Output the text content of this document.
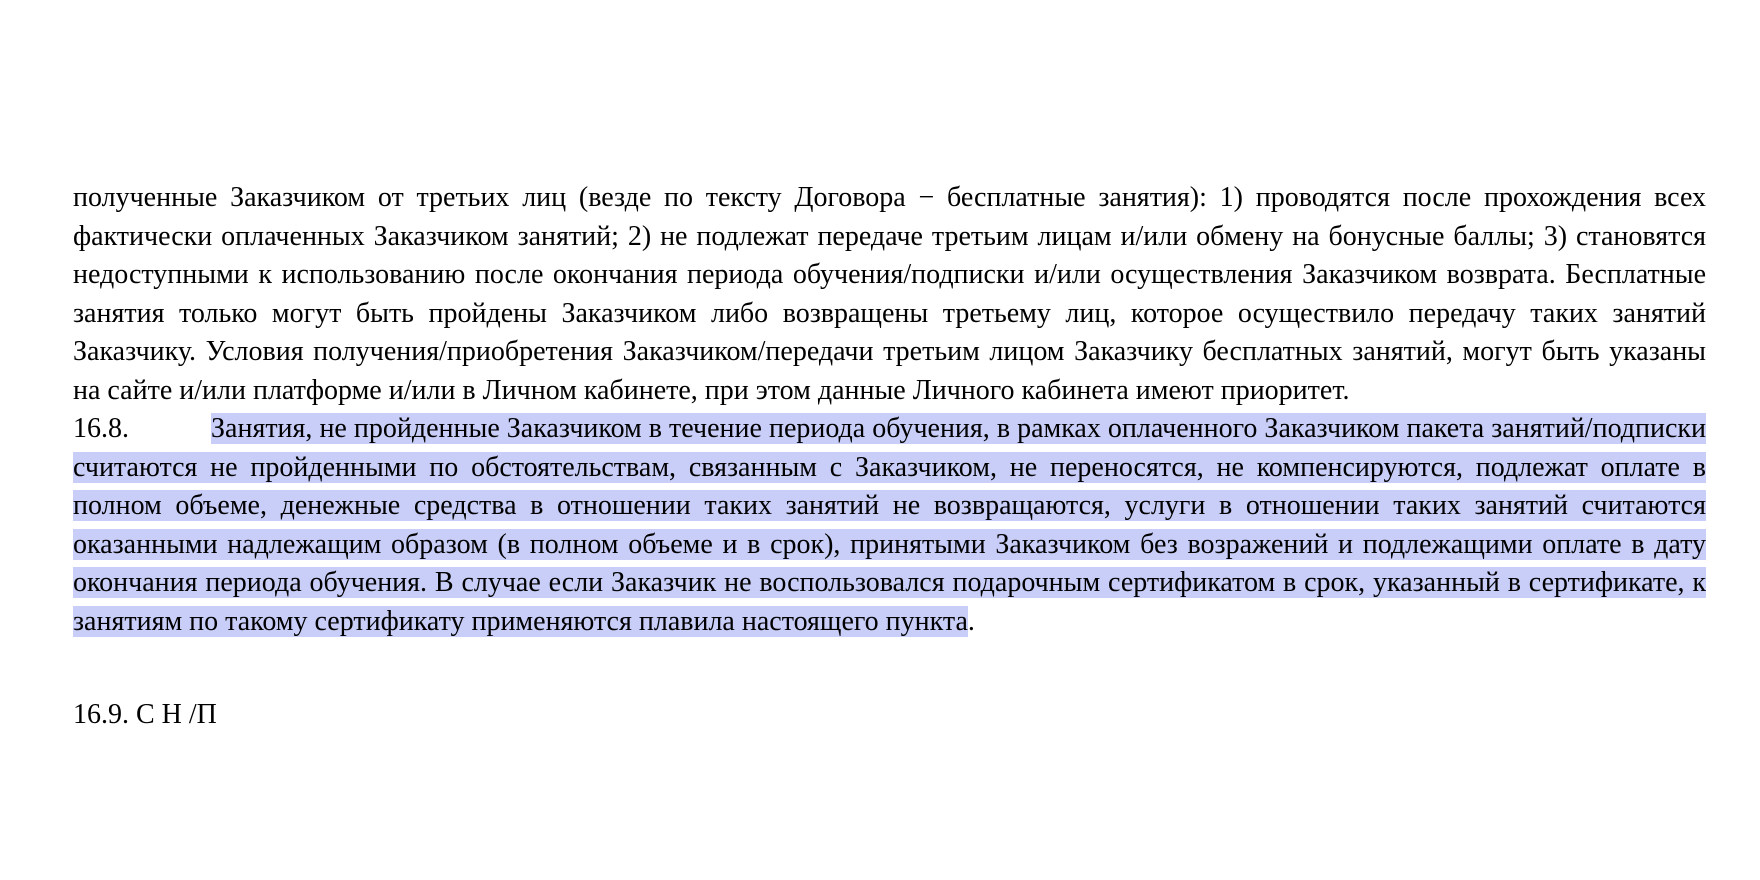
полученные Заказчиком от третьих лиц (везде по тексту Договора − бесплатные занятия): 1) проводятся после прохождения всех фактически оплаченных Заказчиком занятий; 2) не подлежат передаче третьим лицам и/или обмену на бонусные баллы; 3) становятся недоступными к использованию после окончания периода обучения/подписки и/или осуществления Заказчиком возврата. Бесплатные занятия только могут быть пройдены Заказчиком либо возвращены третьему лиц, которое осуществило передачу таких занятий Заказчику. Условия получения/приобретения Заказчиком/передачи третьим лицом Заказчику бесплатных занятий, могут быть указаны на сайте и/или платформе и/или в Личном кабинете, при этом данные Личного кабинета имеют приоритет.

16.8.	Занятия, не пройденные Заказчиком в течение периода обучения, в рамках оплаченного Заказчиком пакета занятий/подписки считаются не пройденными по обстоятельствам, связанным с Заказчиком, не переносятся, не компенсируются, подлежат оплате в полном объеме, денежные средства в отношении таких занятий не возвращаются, услуги в отношении таких занятий считаются оказанными надлежащим образом (в полном объеме и в срок), принятыми Заказчиком без возражений и подлежащими оплате в дату окончания периода обучения. В случае если Заказчик не воспользовался подарочным сертификатом в срок, указанный в сертификате, к занятиям по такому сертификату применяются плавила настоящего пункта.

16.9. С Н /П
